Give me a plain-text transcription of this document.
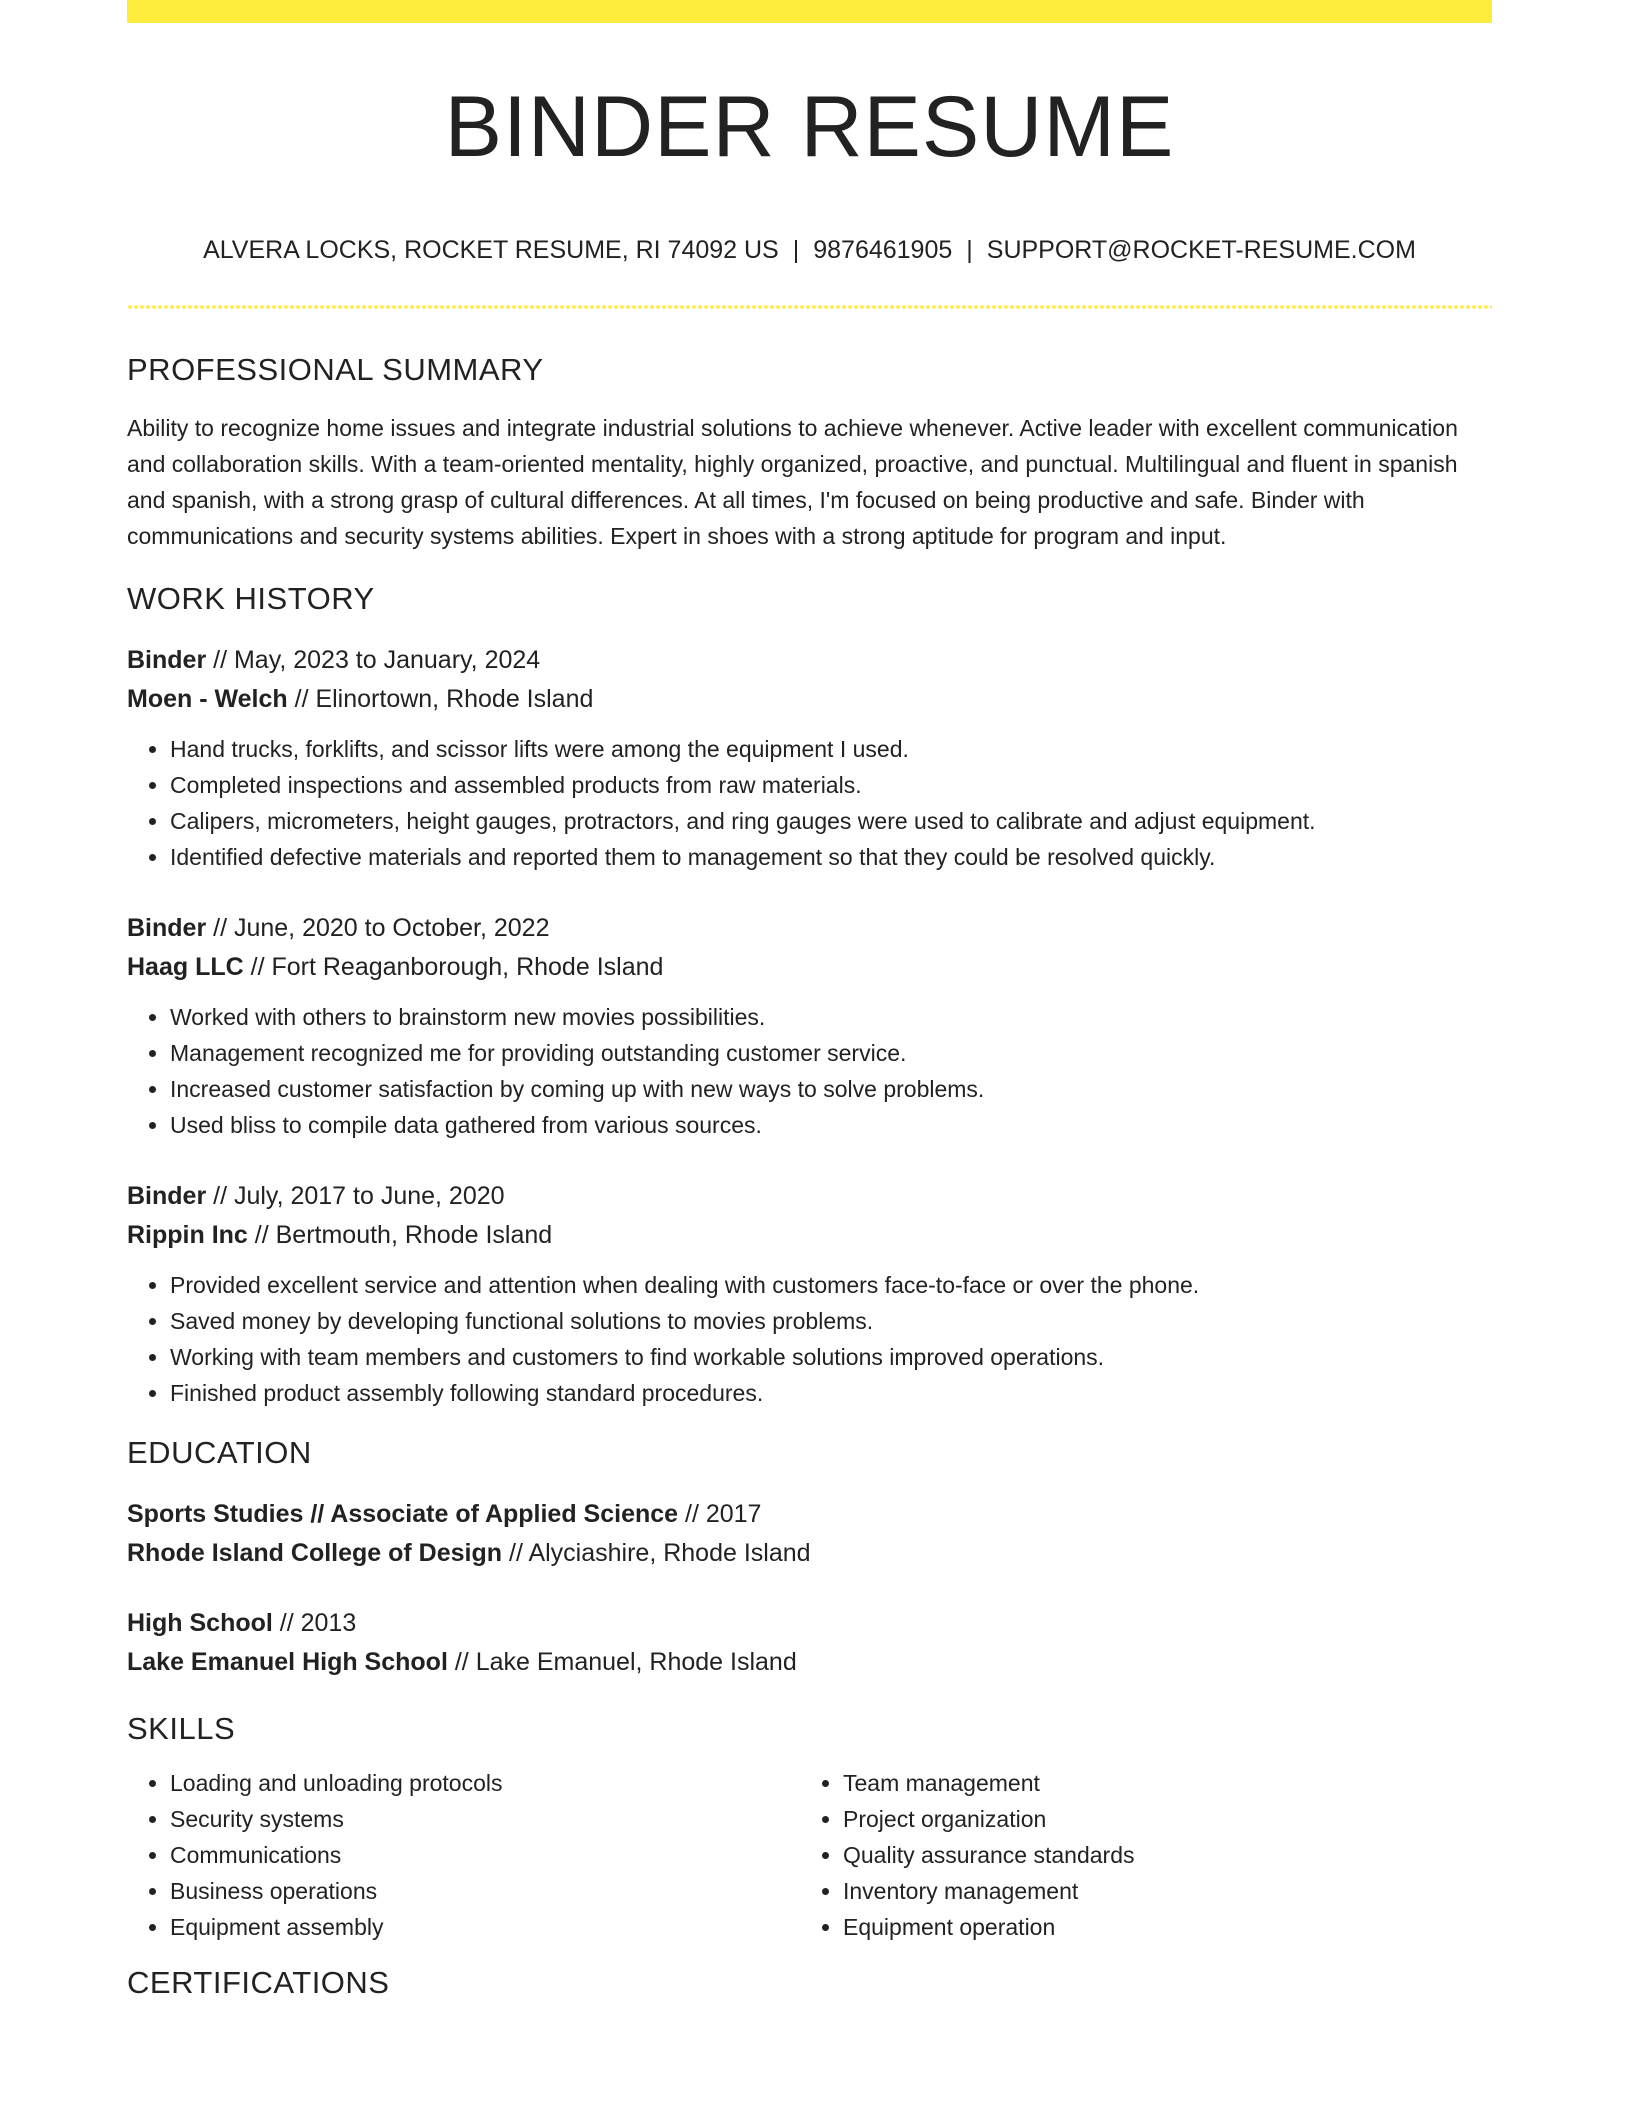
BINDER RESUME
ALVERA LOCKS, ROCKET RESUME, RI 74092 US | 9876461905 | SUPPORT@ROCKET-RESUME.COM
PROFESSIONAL SUMMARY

Ability to recognize home issues and integrate industrial solutions to achieve whenever. Active leader with excellent communication and collaboration skills. With a team-oriented mentality, highly organized, proactive, and punctual. Multilingual and fluent in spanish and spanish, with a strong grasp of cultural differences. At all times, I'm focused on being productive and safe. Binder with communications and security systems abilities. Expert in shoes with a strong aptitude for program and input.

WORK HISTORY
Binder // May, 2023 to January, 2024
Moen - Welch // Elinortown, Rhode Island
• Hand trucks, forklifts, and scissor lifts were among the equipment I used.
• Completed inspections and assembled products from raw materials.
• Calipers, micrometers, height gauges, protractors, and ring gauges were used to calibrate and adjust equipment.
• Identified defective materials and reported them to management so that they could be resolved quickly.
Binder // June, 2020 to October, 2022
Haag LLC // Fort Reaganborough, Rhode Island
• Worked with others to brainstorm new movies possibilities.
• Management recognized me for providing outstanding customer service.
• Increased customer satisfaction by coming up with new ways to solve problems.
• Used bliss to compile data gathered from various sources.
Binder // July, 2017 to June, 2020
Rippin Inc // Bertmouth, Rhode Island
• Provided excellent service and attention when dealing with customers face-to-face or over the phone.
• Saved money by developing functional solutions to movies problems.
• Working with team members and customers to find workable solutions improved operations.
• Finished product assembly following standard procedures.
EDUCATION
Sports Studies // Associate of Applied Science // 2017
Rhode Island College of Design // Alyciashire, Rhode Island
High School // 2013
Lake Emanuel High School // Lake Emanuel, Rhode Island
SKILLS
• Loading and unloading protocols
• Security systems
• Communications
• Business operations
• Equipment assembly
• Team management
• Project organization
• Quality assurance standards
• Inventory management
• Equipment operation
CERTIFICATIONS
